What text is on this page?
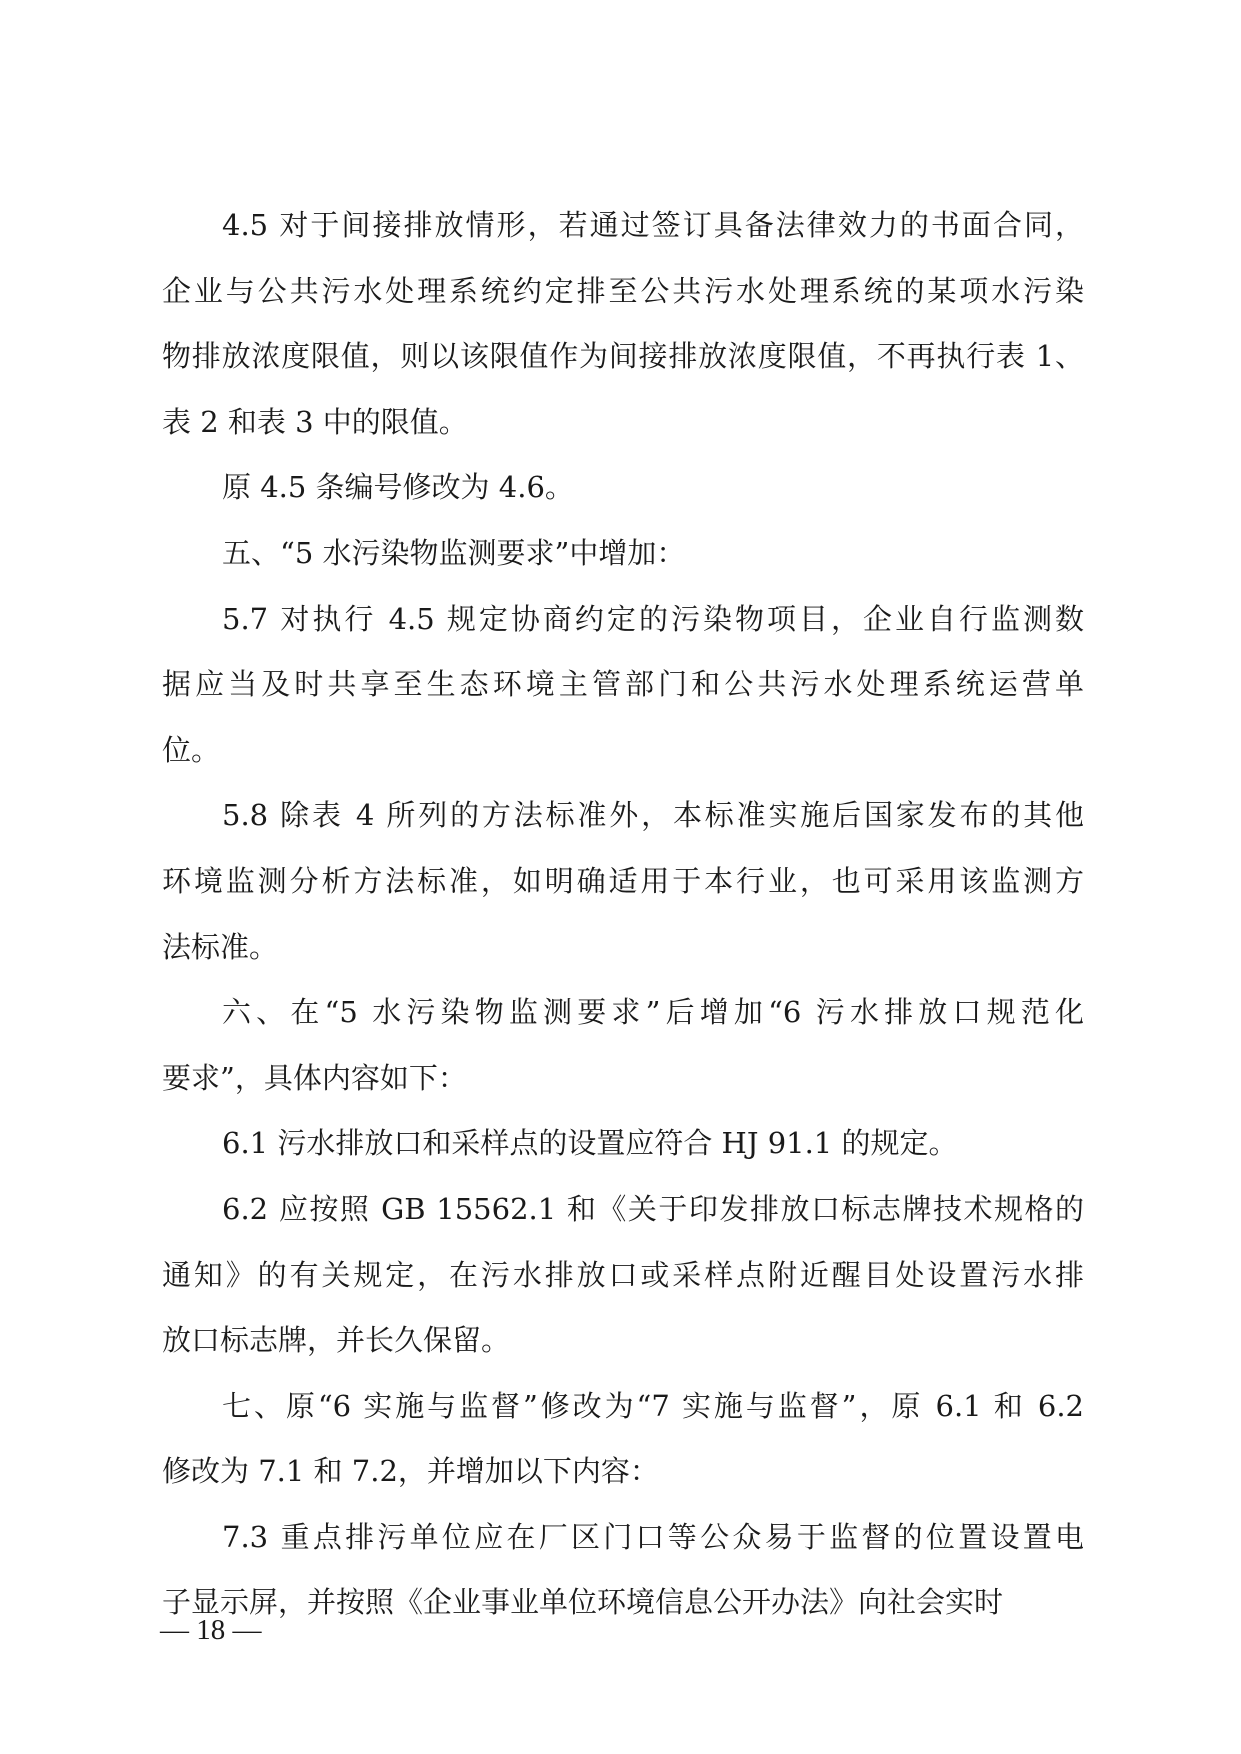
4.5 对于间接排放情形，若通过签订具备法律效力的书面合同，
企业与公共污水处理系统约定排至公共污水处理系统的某项水污染
物排放浓度限值，则以该限值作为间接排放浓度限值，不再执行表 1、
表 2 和表 3 中的限值。
原 4.5 条编号修改为 4.6。
五、“5 水污染物监测要求”中增加：
5.7 对执行 4.5 规定协商约定的污染物项目，企业自行监测数
据应当及时共享至生态环境主管部门和公共污水处理系统运营单
位。
5.8 除表 4 所列的方法标准外，本标准实施后国家发布的其他
环境监测分析方法标准，如明确适用于本行业，也可采用该监测方
法标准。
六、在“5 水污染物监测要求”后增加“6 污水排放口规范化
要求”，具体内容如下：
6.1 污水排放口和采样点的设置应符合 HJ 91.1 的规定。
6.2 应按照 GB 15562.1 和《关于印发排放口标志牌技术规格的
通知》的有关规定，在污水排放口或采样点附近醒目处设置污水排
放口标志牌，并长久保留。
七、原“6 实施与监督”修改为“7 实施与监督”，原 6.1 和 6.2
修改为 7.1 和 7.2，并增加以下内容：
7.3 重点排污单位应在厂区门口等公众易于监督的位置设置电
子显示屏，并按照《企业事业单位环境信息公开办法》向社会实时
— 18 —
